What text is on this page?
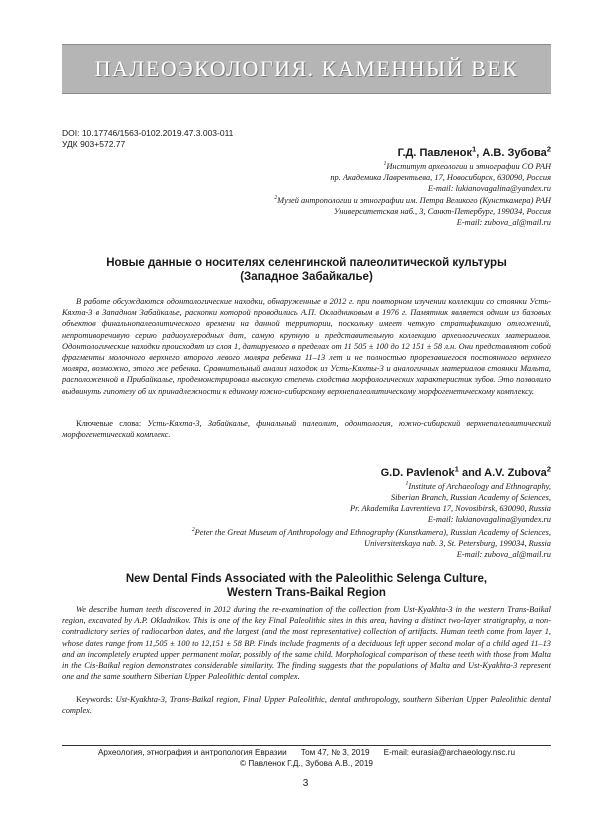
ПАЛЕОЭКОЛОГИЯ. КАМЕННЫЙ ВЕК
DOI: 10.17746/1563-0102.2019.47.3.003-011
УДК 903+572.77
Г.Д. Павленок$^1$, А.В. Зубова$^2$
$^1$Институт археологии и этнографии СО РАН
пр. Академика Лаврентьева, 17, Новосибирск, 630090, Россия
E-mail: lukianovagalina@yandex.ru
$^2$Музей антропологии и этнографии им. Петра Великого (Кунсткамера) РАН
Университетская наб., 3, Санкт-Петербург, 199034, Россия
E-mail: zubova_al@mail.ru
Новые данные о носителях селенгинской палеолитической культуры
(Западное Забайкалье)

В работе обсуждаются одонтологические находки, обнаруженные в 2012 г. при повторном изучении коллекции со стоянки Усть-Кяхта-3 в Западном Забайкалье, раскопки которой проводились А.П. Окладниковым в 1976 г. Памятник является одним из базовых объектов финальнопалеолитического времени на данной территории, поскольку имеет четкую стратификацию отложений, непротиворечивую серию радиоуглеродных дат, самую крупную и представительную коллекцию археологических материалов. Одонтологические находки происходят из слоя 1, датируемого в пределах от 11 505 ± 100 до 12 151 ± 58 л.н. Они представляют собой фрагменты молочного верхнего второго левого моляра ребенка 11–13 лет и не полностью прорезавшегося постоянного верхнего моляра, возможно, этого же ребенка. Сравнительный анализ находок из Усть-Кяхты-3 и аналогичных материалов стоянки Мальта, расположенной в Прибайкалье, продемонстрировал высокую степень сходства морфологических характеристик зубов. Это позволило выдвинуть гипотезу об их принадлежности к единому южно-сибирскому верхнепалеолитическому морфогенетическому комплексу.

Ключевые слова: Усть-Кяхта-3, Забайкалье, финальный палеолит, одонтология, южно-сибирский верхнепалеолитический морфогенетический комплекс.

G.D. Pavlenok$^1$ and A.V. Zubova$^2$
$^1$Institute of Archaeology and Ethnography,
Siberian Branch, Russian Academy of Sciences,
Pr. Akademika Lavrentieva 17, Novosibirsk, 630090, Russia
E-mail: lukianovagalina@yandex.ru
$^2$Peter the Great Museum of Anthropology and Ethnography (Kunstkamera), Russian Academy of Sciences,
Universitetskaya nab. 3, St. Petersburg, 199034, Russia
E-mail: zubova_al@mail.ru
New Dental Finds Associated with the Paleolithic Selenga Culture,
Western Trans-Baikal Region

We describe human teeth discovered in 2012 during the re-examination of the collection from Ust-Kyakhta-3 in the western Trans-Baikal region, excavated by A.P. Okladnikov. This is one of the key Final Paleolithic sites in this area, having a distinct two-layer stratigraphy, a non-contradictory series of radiocarbon dates, and the largest (and the most representative) collection of artifacts. Human teeth come from layer 1, whose dates range from 11,505 ± 100 to 12,151 ± 58 BP. Finds include fragments of a deciduous left upper second molar of a child aged 11–13 and an incompletely erupted upper permanent molar, possibly of the same child. Morphological comparison of these teeth with those from Malta in the Cis-Baikal region demonstrates considerable similarity. The finding suggests that the populations of Malta and Ust-Kyakhta-3 represent one and the same southern Siberian Upper Paleolithic dental complex.

Keywords: Ust-Kyakhta-3, Trans-Baikal region, Final Upper Paleolithic, dental anthropology, southern Siberian Upper Paleolithic dental complex.

Археология, этнография и антропология Евразии Том 47, № 3, 2019 E-mail: eurasia@archaeology.nsc.ru
© Павленок Г.Д., Зубова А.В., 2019
3
